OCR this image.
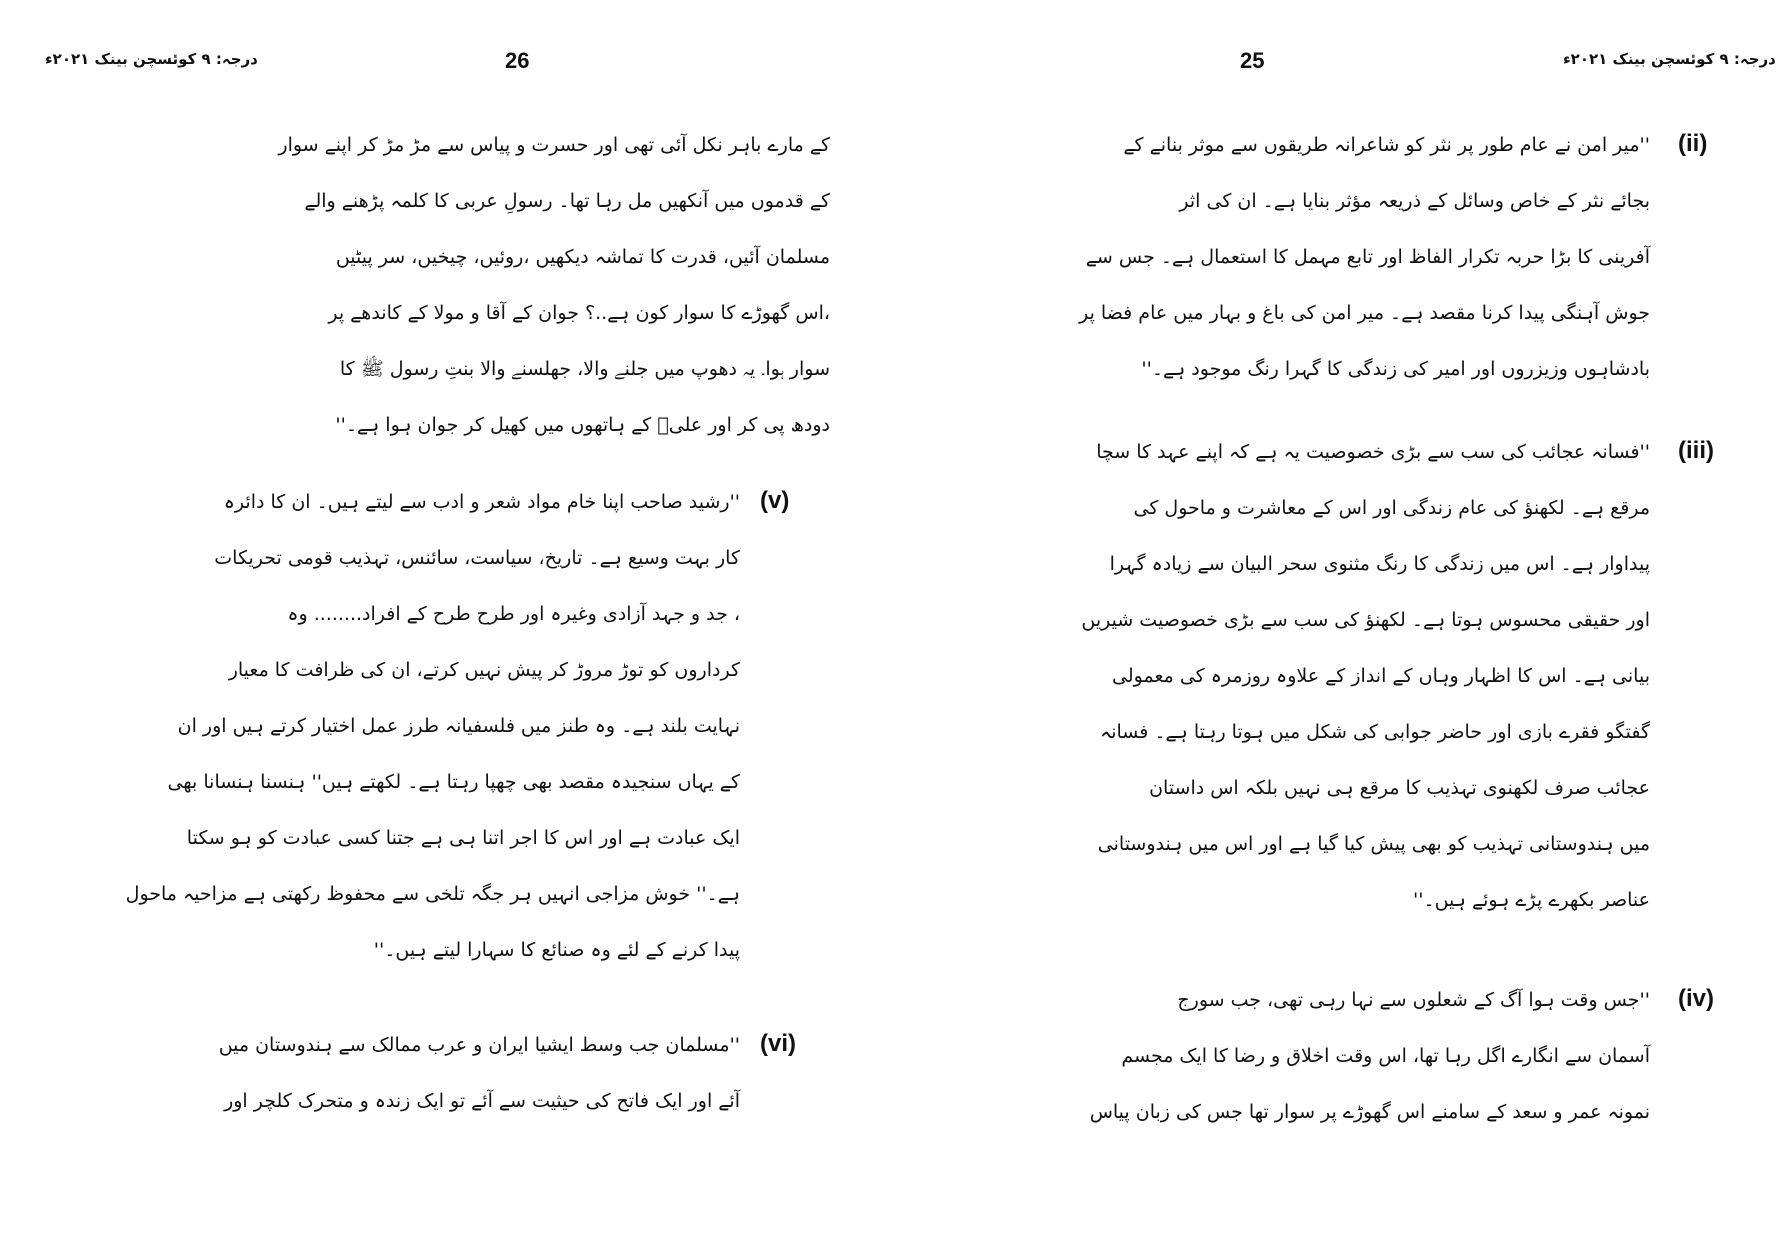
26
درجہ: ۹ کوئسچن بینک ۲۰۲۱ء
کے مارے باہر نکل آئی تھی اور حسرت و پیاس سے مڑ مڑ کر اپنے سوار
کے قدموں میں آنکھیں مل رہا تھا۔ رسولِ عربی کا کلمہ پڑھنے والے
مسلمان آئیں، قدرت کا تماشہ دیکھیں ،روئیں، چیخیں، سر پیٹیں
،اس گھوڑے کا سوار کون ہے..؟ جوان کے آقا و مولا کے کاندھے پر
سوار ہوا۔ یہ دھوپ میں جلنے والا، جھلسنے والا بنتِ رسول ﷺ کا
دودھ پی کر اور علیؑ کے ہاتھوں میں کھیل کر جوان ہوا ہے۔''
(v)
''رشید صاحب اپنا خام مواد شعر و ادب سے لیتے ہیں۔ ان کا دائرہ
کار بہت وسیع ہے۔ تاریخ، سیاست، سائنس، تہذیب قومی تحریکات
، جد و جہد آزادی وغیرہ اور طرح طرح کے افراد........ وہ
کرداروں کو توڑ مروڑ کر پیش نہیں کرتے، ان کی ظرافت کا معیار
نہایت بلند ہے۔ وہ طنز میں فلسفیانہ طرز عمل اختیار کرتے ہیں اور ان
کے یہاں سنجیدہ مقصد بھی چھپا رہتا ہے۔ لکھتے ہیں'' ہنسنا ہنسانا بھی
ایک عبادت ہے اور اس کا اجر اتنا ہی ہے جتنا کسی عبادت کو ہو سکتا
ہے۔'' خوش مزاجی انہیں ہر جگہ تلخی سے محفوظ رکھتی ہے مزاحیہ ماحول
پیدا کرنے کے لئے وہ صنائع کا سہارا لیتے ہیں۔''
(vi)
''مسلمان جب وسط ایشیا ایران و عرب ممالک سے ہندوستان میں
آئے اور ایک فاتح کی حیثیت سے آئے تو ایک زندہ و متحرک کلچر اور
25	درجہ: ۹ کوئسچن بینک ۲۰۲۱ء
(ii)
''میر امن نے عام طور پر نثر کو شاعرانہ طریقوں سے موثر بنانے کے
بجائے نثر کے خاص وسائل کے ذریعہ مؤثر بنایا ہے۔ ان کی اثر
آفرینی کا بڑا حربہ تکرار الفاظ اور تابع مہمل کا استعمال ہے۔ جس سے
جوش آہنگی پیدا کرنا مقصد ہے۔ میر امن کی باغ و بہار میں عام فضا پر
بادشاہوں وزیزروں اور امیر کی زندگی کا گہرا رنگ موجود ہے۔''
(iii)
''فسانہ عجائب کی سب سے بڑی خصوصیت یہ ہے کہ اپنے عہد کا سچا
مرقع ہے۔ لکھنؤ کی عام زندگی اور اس کے معاشرت و ماحول کی
پیداوار ہے۔ اس میں زندگی کا رنگ مثنوی سحر البیان سے زیادہ گہرا
اور حقیقی محسوس ہوتا ہے۔ لکھنؤ کی سب سے بڑی خصوصیت شیریں
بیانی ہے۔ اس کا اظہار وہاں کے انداز کے علاوہ روزمرہ کی معمولی
گفتگو فقرے بازی اور حاضر جوابی کی شکل میں ہوتا رہتا ہے۔ فسانہ
عجائب صرف لکھنوی تہذیب کا مرقع ہی نہیں بلکہ اس داستان
میں ہندوستانی تہذیب کو بھی پیش کیا گیا ہے اور اس میں ہندوستانی
عناصر بکھرے پڑے ہوئے ہیں۔''
(iv)
''جس وقت ہوا آگ کے شعلوں سے نہا رہی تھی، جب سورج
آسمان سے انگارے اگل رہا تھا، اس وقت اخلاق و رضا کا ایک مجسم
نمونہ عمر و سعد کے سامنے اس گھوڑے پر سوار تھا جس کی زبان پیاس
